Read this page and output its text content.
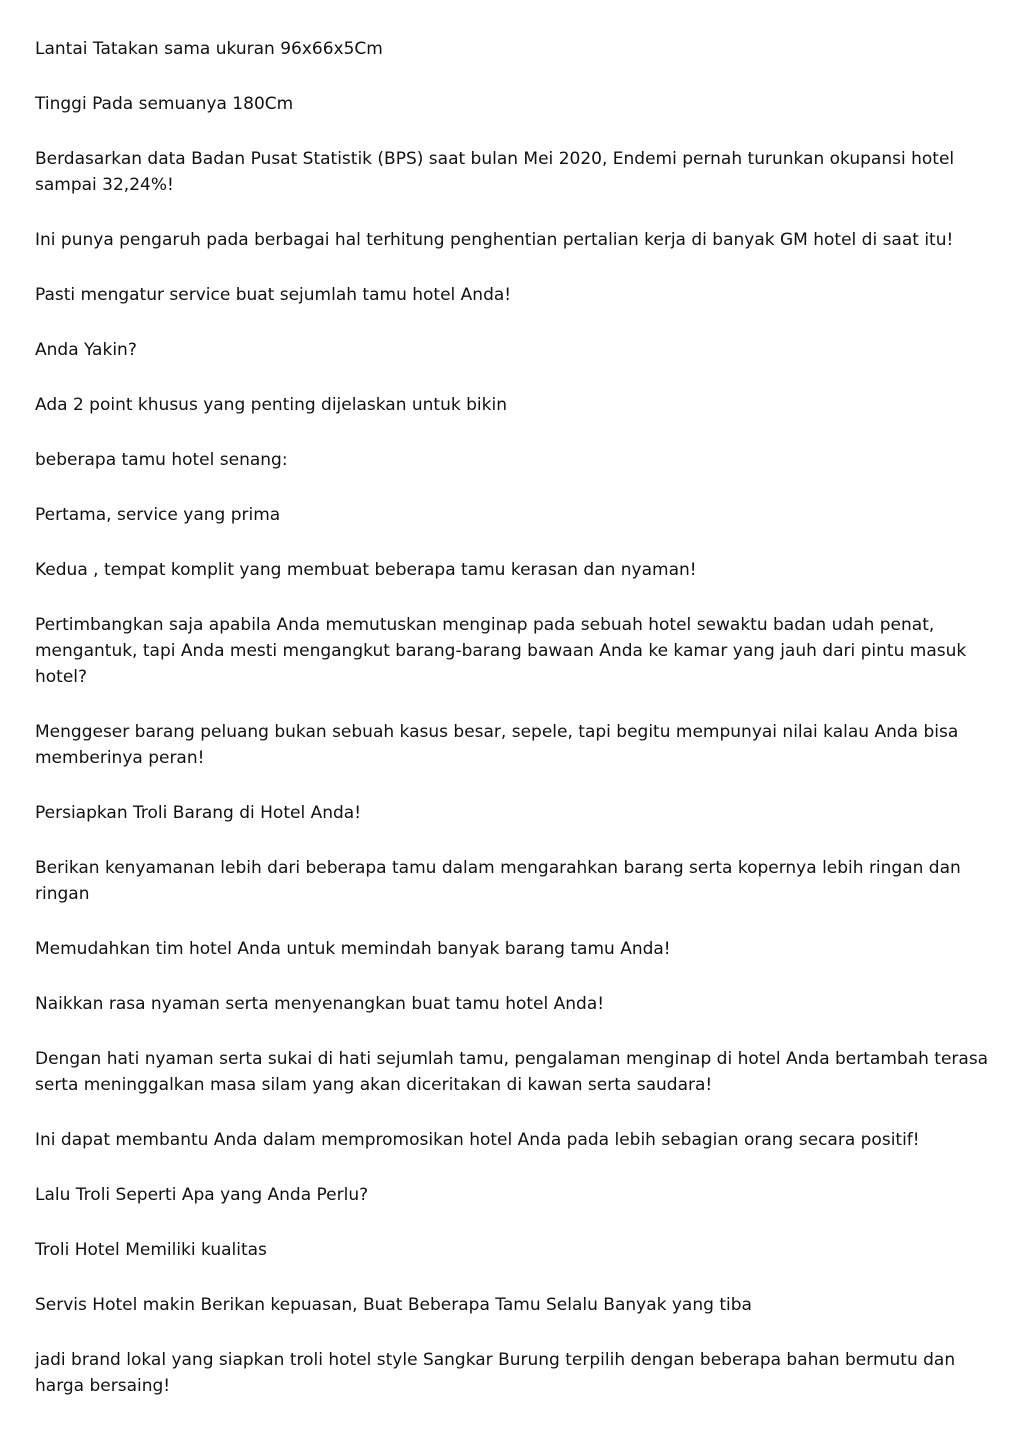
Lantai Tatakan sama ukuran 96x66x5Cm

Tinggi Pada semuanya 180Cm

Berdasarkan data Badan Pusat Statistik (BPS) saat bulan Mei 2020, Endemi pernah turunkan okupansi hotel sampai 32,24%!

Ini punya pengaruh pada berbagai hal terhitung penghentian pertalian kerja di banyak GM hotel di saat itu!

Pasti mengatur service buat sejumlah tamu hotel Anda!

Anda Yakin?

Ada 2 point khusus yang penting dijelaskan untuk bikin

beberapa tamu hotel senang:

Pertama, service yang prima

Kedua , tempat komplit yang membuat beberapa tamu kerasan dan nyaman!

Pertimbangkan saja apabila Anda memutuskan menginap pada sebuah hotel sewaktu badan udah penat, mengantuk, tapi Anda mesti mengangkut barang-barang bawaan Anda ke kamar yang jauh dari pintu masuk hotel?

Menggeser barang peluang bukan sebuah kasus besar, sepele, tapi begitu mempunyai nilai kalau Anda bisa memberinya peran!

Persiapkan Troli Barang di Hotel Anda!

Berikan kenyamanan lebih dari beberapa tamu dalam mengarahkan barang serta kopernya lebih ringan dan ringan

Memudahkan tim hotel Anda untuk memindah banyak barang tamu Anda!

Naikkan rasa nyaman serta menyenangkan buat tamu hotel Anda!

Dengan hati nyaman serta sukai di hati sejumlah tamu, pengalaman menginap di hotel Anda bertambah terasa serta meninggalkan masa silam yang akan diceritakan di kawan serta saudara!

Ini dapat membantu Anda dalam mempromosikan hotel Anda pada lebih sebagian orang secara positif!

Lalu Troli Seperti Apa yang Anda Perlu?

Troli Hotel Memiliki kualitas

Servis Hotel makin Berikan kepuasan, Buat Beberapa Tamu Selalu Banyak yang tiba

jadi brand lokal yang siapkan troli hotel style Sangkar Burung terpilih dengan beberapa bahan bermutu dan harga bersaing!
